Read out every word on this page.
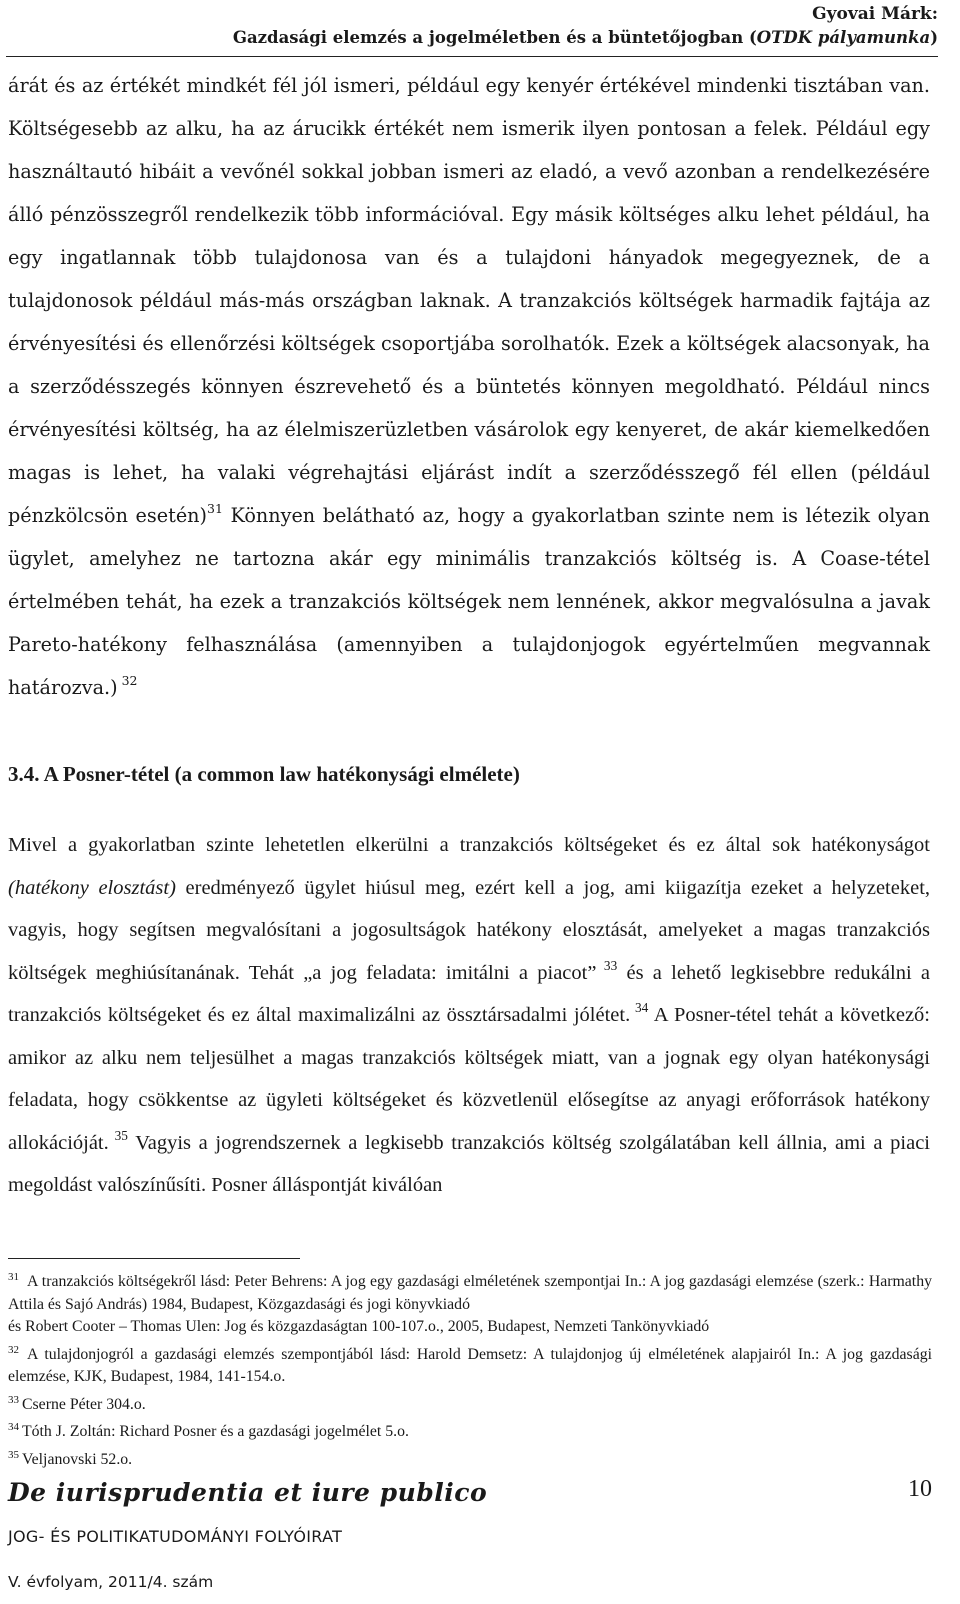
Gyovai Márk:
Gazdasági elemzés a jogelméletben és a büntetőjogban (OTDK pályamunka)
árát és az értékét mindkét fél jól ismeri, például egy kenyér értékével mindenki tisztában van. Költségesebb az alku, ha az árucikk értékét nem ismerik ilyen pontosan a felek. Például egy használtautó hibáit a vevőnél sokkal jobban ismeri az eladó, a vevő azonban a rendelkezésére álló pénzösszegről rendelkezik több információval. Egy másik költséges alku lehet például, ha egy ingatlannak több tulajdonosa van és a tulajdoni hányadok megegyeznek, de a tulajdonosok például más-más országban laknak. A tranzakciós költségek harmadik fajtája az érvényesítési és ellenőrzési költségek csoportjába sorolhatók. Ezek a költségek alacsonyak, ha a szerződésszegés könnyen észrevehető és a büntetés könnyen megoldható. Például nincs érvényesítési költség, ha az élelmiszerüzletben vásárolok egy kenyeret, de akár kiemelkedően magas is lehet, ha valaki végrehajtási eljárást indít a szerződésszegő fél ellen (például pénzkölcsön esetén)$^{31}$ Könnyen belátható az, hogy a gyakorlatban szinte nem is létezik olyan ügylet, amelyhez ne tartozna akár egy minimális tranzakciós költség is. A Coase-tétel értelmében tehát, ha ezek a tranzakciós költségek nem lennének, akkor megvalósulna a javak Pareto-hatékony felhasználása (amennyiben a tulajdonjogok egyértelműen megvannak határozva.) $^{32}$
3.4. A Posner-tétel (a common law hatékonysági elmélete)
Mivel a gyakorlatban szinte lehetetlen elkerülni a tranzakciós költségeket és ez által sok hatékonyságot (hatékony elosztást) eredményező ügylet hiúsul meg, ezért kell a jog, ami kiigazítja ezeket a helyzeteket, vagyis, hogy segítsen megvalósítani a jogosultságok hatékony elosztását, amelyeket a magas tranzakciós költségek meghiúsítanának. Tehát „a jog feladata: imitálni a piacot” $^{33}$ és a lehető legkisebbre redukálni a tranzakciós költségeket és ez által maximalizálni az össztársadalmi jólétet. $^{34}$ A Posner-tétel tehát a következő: amikor az alku nem teljesülhet a magas tranzakciós költségek miatt, van a jognak egy olyan hatékonysági feladata, hogy csökkentse az ügyleti költségeket és közvetlenül elősegítse az anyagi erőforrások hatékony allokációját. $^{35}$ Vagyis a jogrendszernek a legkisebb tranzakciós költség szolgálatában kell állnia, ami a piaci megoldást valószínűsíti. Posner álláspontját kiválóan
$^{31}$ A tranzakciós költségekről lásd: Peter Behrens: A jog egy gazdasági elméletének szempontjai In.: A jog gazdasági elemzése (szerk.: Harmathy Attila és Sajó András) 1984, Budapest, Közgazdasági és jogi könyvkiadó
és Robert Cooter – Thomas Ulen: Jog és közgazdaságtan 100-107.o., 2005, Budapest, Nemzeti Tankönyvkiadó
$^{32}$ A tulajdonjogról a gazdasági elemzés szempontjából lásd: Harold Demsetz: A tulajdonjog új elméletének alapjairól In.: A jog gazdasági elemzése, KJK, Budapest, 1984, 141-154.o.
$^{33}$ Cserne Péter 304.o.
$^{34}$ Tóth J. Zoltán: Richard Posner és a gazdasági jogelmélet 5.o.
$^{35}$ Veljanovski 52.o.
De iurisprudentia et iure publico	10
JOG- ÉS POLITIKATUDOMÁNYI FOLYÓIRAT
V. évfolyam, 2011/4. szám
